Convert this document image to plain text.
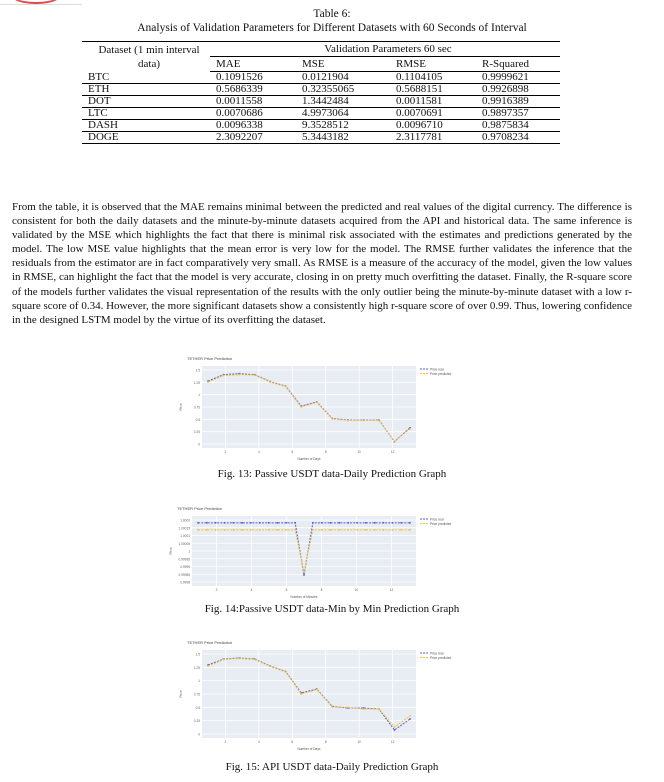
Table 6:
Analysis of Validation Parameters for Different Datasets with 60 Seconds of Interval
Dataset (1 min interval data)	Validation Parameters 60 sec			
	MAE	MSE	RMSE	R-Squared
BTC	0.1091526	0.0121904	0.1104105	0.9999621
ETH	0.5686339	0.32355065	0.5688151	0.9926898
DOT	0.0011558	1.3442484	0.0011581	0.9916389
LTC	0.0070686	4.9973064	0.0070691	0.9897357
DASH	0.0096338	9.3528512	0.0096710	0.9875834
DOGE	2.3092207	5.3443182	2.3117781	0.9708234
From the table, it is observed that the MAE remains minimal between the predicted and real values of the digital currency. The difference is consistent for both the daily datasets and the minute-by-minute datasets acquired from the API and historical data. The same inference is validated by the MSE which highlights the fact that there is minimal risk associated with the estimates and predictions generated by the model. The low MSE value highlights that the mean error is very low for the model. The RMSE further validates the inference that the residuals from the estimator are in fact comparatively very small. As RMSE is a measure of the accuracy of the model, given the low values in RMSE, can highlight the fact that the model is very accurate, closing in on pretty much overfitting the dataset. Finally, the R-square score of the models further validates the visual representation of the results with the only outlier being the minute-by-minute dataset with a low r-square score of 0.34. However, the more significant datasets show a consistently high r-square score of over 0.99. Thus, lowering confidence in the designed LSTM model by the virtue of its overfitting the dataset.
1.5
1.25
1
0.75
0.5
0.25
0
2	4	6	8	10	12
TETHER Price Prediction
Number of Days
Price
Price real
Price predicted
Fig. 13: Passive USDT data-Daily Prediction Graph
1.0002
1.00015
1.0001
1.00005
1
0.99995
0.9999
0.99985
0.9998
2	4	6	8	10	12
TETHER Price Prediction
Number of Minutes
Price
Price real
Price predicted
Fig. 14:Passive USDT data-Min by Min Prediction Graph
1.5
1.25
1
0.75
0.5
0.25
0
2	4	6	8	10	12
TETHER Price Prediction
Number of Days
Price
Price real
Price predicted
Fig. 15: API USDT data-Daily Prediction Graph
